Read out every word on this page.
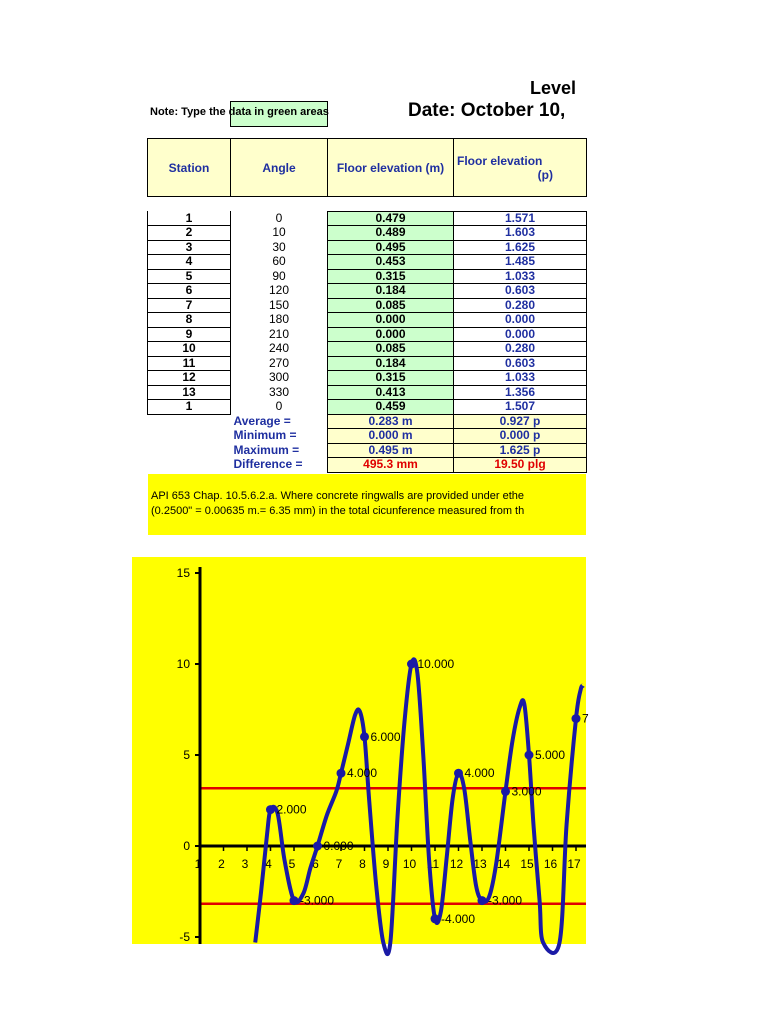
Level
Date: October 10,
Note: Type the data in green areas
Station	Angle	Floor elevation (m)	Floor elevation
(p)

1	0	0.479	1.571
2	10	0.489	1.603
3	30	0.495	1.625
4	60	0.453	1.485
5	90	0.315	1.033
6	120	0.184	0.603
7	150	0.085	0.280
8	180	0.000	0.000
9	210	0.000	0.000
10	240	0.085	0.280
11	270	0.184	0.603
12	300	0.315	1.033
13	330	0.413	1.356
1	0	0.459	1.507
	Average =	0.283 m	0.927 p
	Minimum =	0.000 m	0.000 p
	Maximum =	0.495 m	1.625 p
	Difference =	495.3 mm	19.50 plg
API 653 Chap. 10.5.6.2.a. Where concrete ringwalls are provided under ethe
(0.2500" = 0.00635 m.= 6.35 mm) in the total cicunference measured from th
-5
0
5
10
15
1 2 3 4 5 6 7 8 9 10 11 12 13 14 15 16 17
2.000
-3.000
0.000
4.000
6.000
10.000
-4.000
4.000
-3.000
3.000
5.000
7
